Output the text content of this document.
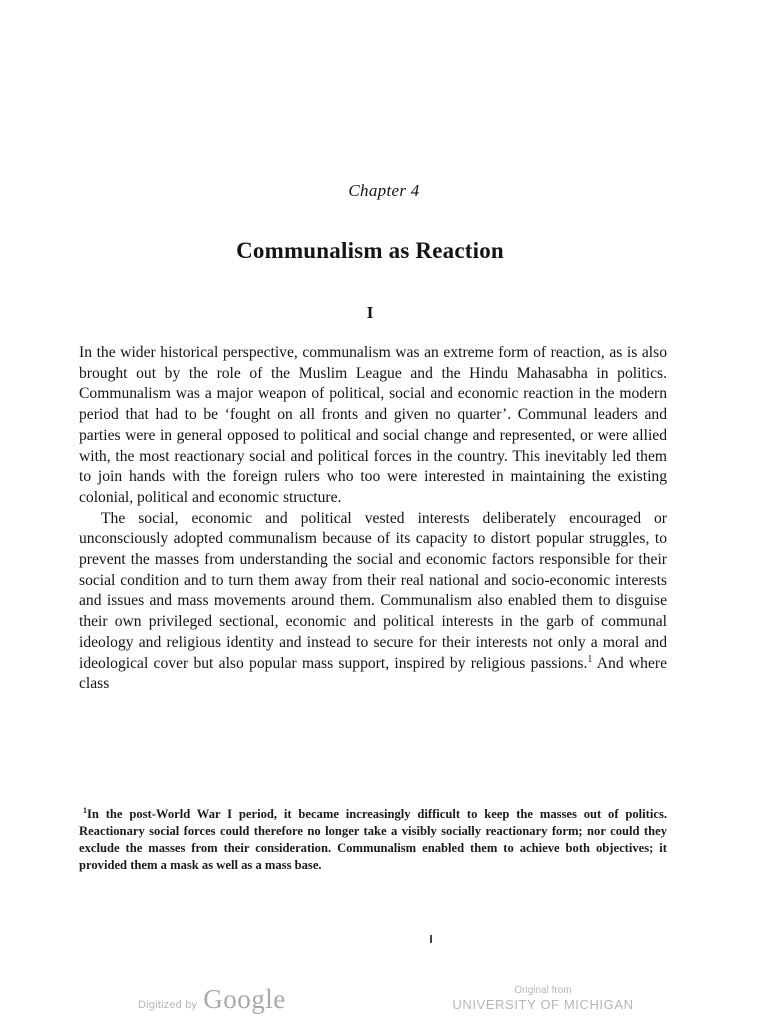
Chapter 4
Communalism as Reaction
I

In the wider historical perspective, communalism was an extreme form of reaction, as is also brought out by the role of the Muslim League and the Hindu Mahasabha in politics. Communalism was a major weapon of political, social and economic reaction in the modern period that had to be ‘fought on all fronts and given no quarter’. Communal leaders and parties were in general opposed to political and social change and represented, or were allied with, the most reactionary social and political forces in the country. This inevitably led them to join hands with the foreign rulers who too were interested in maintaining the existing colonial, political and economic structure.

The social, economic and political vested interests deliberately encouraged or unconsciously adopted communalism because of its capacity to distort popular struggles, to prevent the masses from understanding the social and economic factors responsible for their social condition and to turn them away from their real national and socio-economic interests and issues and mass movements around them. Communalism also enabled them to disguise their own privileged sectional, economic and political interests in the garb of communal ideology and religious identity and instead to secure for their interests not only a moral and ideological cover but also popular mass support, inspired by religious passions.$^1$ And where class

$^1$In the post-World War I period, it became increasingly difficult to keep the masses out of politics. Reactionary social forces could therefore no longer take a visibly socially reactionary form; nor could they exclude the masses from their consideration. Communalism enabled them to achieve both objectives; it provided them a mask as well as a mass base.
Digitized by Google	Original from
UNIVERSITY OF MICHIGAN
